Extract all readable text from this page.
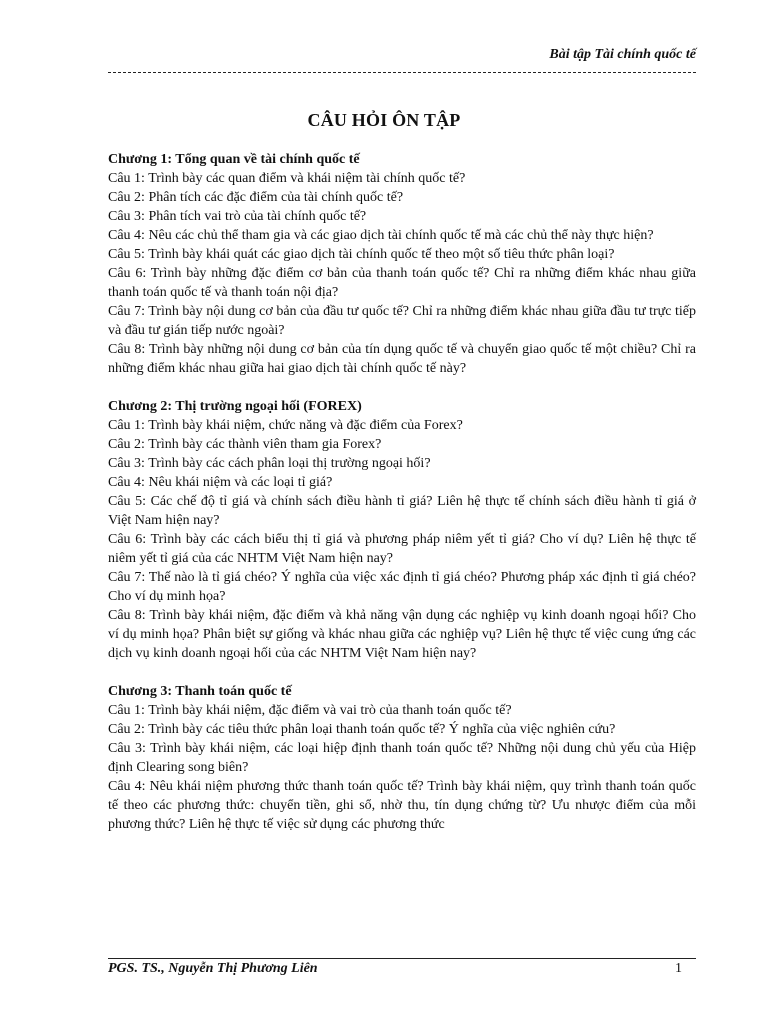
Bài tập Tài chính quốc tế
CÂU HỎI ÔN TẬP
Chương 1: Tổng quan về tài chính quốc tế
Câu 1: Trình bày các quan điểm và khái niệm tài chính quốc tế?
Câu 2: Phân tích các đặc điểm của tài chính quốc tế?
Câu 3: Phân tích vai trò của tài chính quốc tế?
Câu 4: Nêu các chủ thể tham gia và các giao dịch tài chính quốc tế mà các chủ thể này thực hiện?
Câu 5: Trình bày khái quát các giao dịch tài chính quốc tế theo một số tiêu thức phân loại?
Câu 6: Trình bày những đặc điểm cơ bản của thanh toán quốc tế? Chỉ ra những điểm khác nhau giữa thanh toán quốc tế và thanh toán nội địa?
Câu 7: Trình bày nội dung cơ bản của đầu tư quốc tế? Chỉ ra những điểm khác nhau giữa đầu tư trực tiếp và đầu tư gián tiếp nước ngoài?
Câu 8: Trình bày những nội dung cơ bản của tín dụng quốc tế và chuyển giao quốc tế một chiều? Chỉ ra những điểm khác nhau giữa hai giao dịch tài chính quốc tế này?
Chương 2: Thị trường ngoại hối (FOREX)
Câu 1: Trình bày khái niệm, chức năng và đặc điểm của Forex?
Câu 2: Trình bày các thành viên tham gia Forex?
Câu 3: Trình bày các cách phân loại thị trường ngoại hối?
Câu 4: Nêu khái niệm và các loại tỉ giá?
Câu 5: Các chế độ tỉ giá và chính sách điều hành tỉ giá? Liên hệ thực tế chính sách điều hành tỉ giá ở Việt Nam hiện nay?
Câu 6: Trình bày các cách biểu thị tỉ giá và phương pháp niêm yết tỉ giá? Cho ví dụ? Liên hệ thực tế niêm yết tỉ giá của các NHTM Việt Nam hiện nay?
Câu 7: Thế nào là tỉ giá chéo? Ý nghĩa của việc xác định tỉ giá chéo? Phương pháp xác định tỉ giá chéo? Cho ví dụ minh họa?
Câu 8: Trình bày khái niệm, đặc điểm và khả năng vận dụng các nghiệp vụ kinh doanh ngoại hối? Cho ví dụ minh họa? Phân biệt sự giống và khác nhau giữa các nghiệp vụ? Liên hệ thực tế việc cung ứng các dịch vụ kinh doanh ngoại hối của các NHTM Việt Nam hiện nay?
Chương 3: Thanh toán quốc tế
Câu 1: Trình bày khái niệm, đặc điểm và vai trò của thanh toán quốc tế?
Câu 2: Trình bày các tiêu thức phân loại thanh toán quốc tế? Ý nghĩa của việc nghiên cứu?
Câu 3: Trình bày khái niệm, các loại hiệp định thanh toán quốc tế? Những nội dung chủ yếu của Hiệp định Clearing song biên?
Câu 4: Nêu khái niệm phương thức thanh toán quốc tế? Trình bày khái niệm, quy trình thanh toán quốc tế theo các phương thức: chuyển tiền, ghi sổ, nhờ thu, tín dụng chứng từ? Ưu nhược điểm của mỗi phương thức? Liên hệ thực tế việc sử dụng các phương thức
PGS. TS., Nguyễn Thị Phương Liên	1
